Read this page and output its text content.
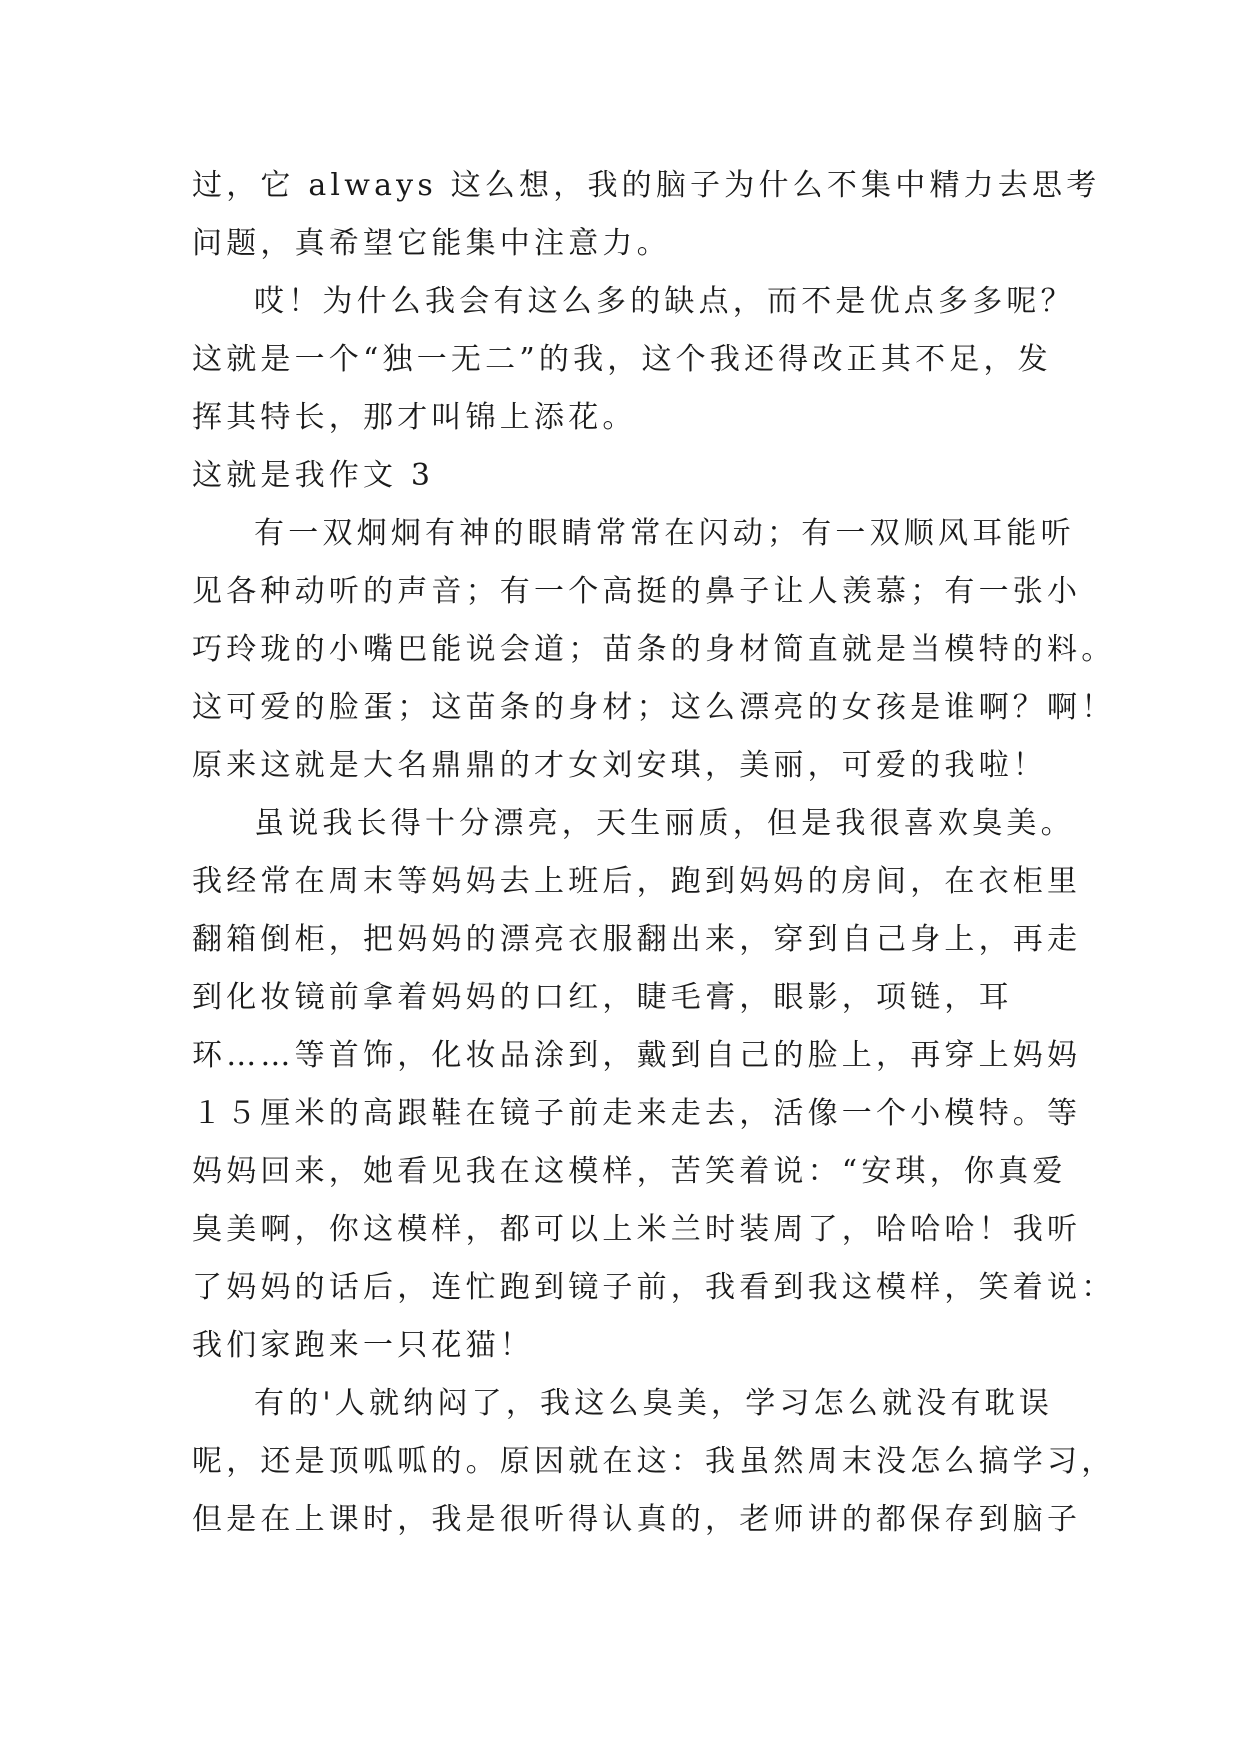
过，它 always 这么想，我的脑子为什么不集中精力去思考
问题，真希望它能集中注意力。
哎！为什么我会有这么多的缺点，而不是优点多多呢？
这就是一个“独一无二”的我，这个我还得改正其不足，发
挥其特长，那才叫锦上添花。
这就是我作文 3
有一双炯炯有神的眼睛常常在闪动；有一双顺风耳能听
见各种动听的声音；有一个高挺的鼻子让人羡慕；有一张小
巧玲珑的小嘴巴能说会道；苗条的身材简直就是当模特的料。
这可爱的脸蛋；这苗条的身材；这么漂亮的女孩是谁啊？啊！
原来这就是大名鼎鼎的才女刘安琪，美丽，可爱的我啦！
虽说我长得十分漂亮，天生丽质，但是我很喜欢臭美。
我经常在周末等妈妈去上班后，跑到妈妈的房间，在衣柜里
翻箱倒柜，把妈妈的漂亮衣服翻出来，穿到自己身上，再走
到化妆镜前拿着妈妈的口红，睫毛膏，眼影，项链，耳
环……等首饰，化妆品涂到，戴到自己的脸上，再穿上妈妈
１５厘米的高跟鞋在镜子前走来走去，活像一个小模特。等
妈妈回来，她看见我在这模样，苦笑着说：“安琪，你真爱
臭美啊，你这模样，都可以上米兰时装周了，哈哈哈！我听
了妈妈的话后，连忙跑到镜子前，我看到我这模样，笑着说：
我们家跑来一只花猫！
有的'人就纳闷了，我这么臭美，学习怎么就没有耽误
呢，还是顶呱呱的。原因就在这：我虽然周末没怎么搞学习，
但是在上课时，我是很听得认真的，老师讲的都保存到脑子
